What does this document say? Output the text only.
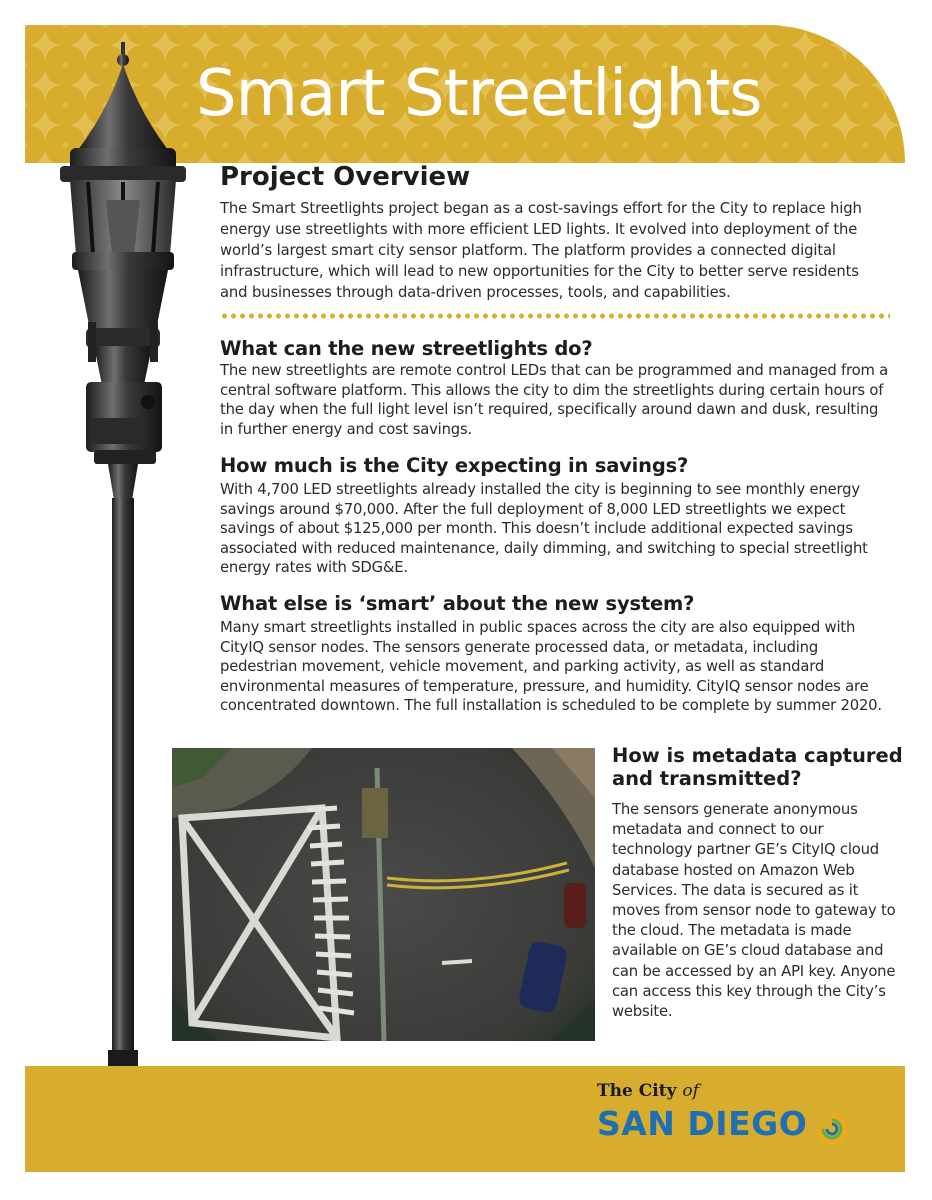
Smart Streetlights
Project Overview

The Smart Streetlights project began as a cost-savings effort for the City to replace high energy use streetlights with more efficient LED lights. It evolved into deployment of the world’s largest smart city sensor platform. The platform provides a connected digital infrastructure, which will lead to new opportunities for the City to better serve residents and businesses through data-driven processes, tools, and capabilities.

What can the new streetlights do?

The new streetlights are remote control LEDs that can be programmed and managed from a central software platform. This allows the city to dim the streetlights during certain hours of the day when the full light level isn’t required, specifically around dawn and dusk, resulting in further energy and cost savings.

How much is the City expecting in savings?

With 4,700 LED streetlights already installed the city is beginning to see monthly energy savings around $70,000. After the full deployment of 8,000 LED streetlights we expect savings of about $125,000 per month. This doesn’t include additional expected savings associated with reduced maintenance, daily dimming, and switching to special streetlight energy rates with SDG&E.

What else is ‘smart’ about the new system?

Many smart streetlights installed in public spaces across the city are also equipped with CityIQ sensor nodes. The sensors generate processed data, or metadata, including pedestrian movement, vehicle movement, and parking activity, as well as standard environmental measures of temperature, pressure, and humidity. CityIQ sensor nodes are concentrated downtown. The full installation is scheduled to be complete by summer 2020.

How is metadata captured and transmitted?

The sensors generate anonymous metadata and connect to our technology partner GE’s CityIQ cloud database hosted on Amazon Web Services. The data is secured as it moves from sensor node to gateway to the cloud. The metadata is made available on GE’s cloud database and can be accessed by an API key. Anyone can access this key through the City’s website.

The City of

SAN DIEGO
